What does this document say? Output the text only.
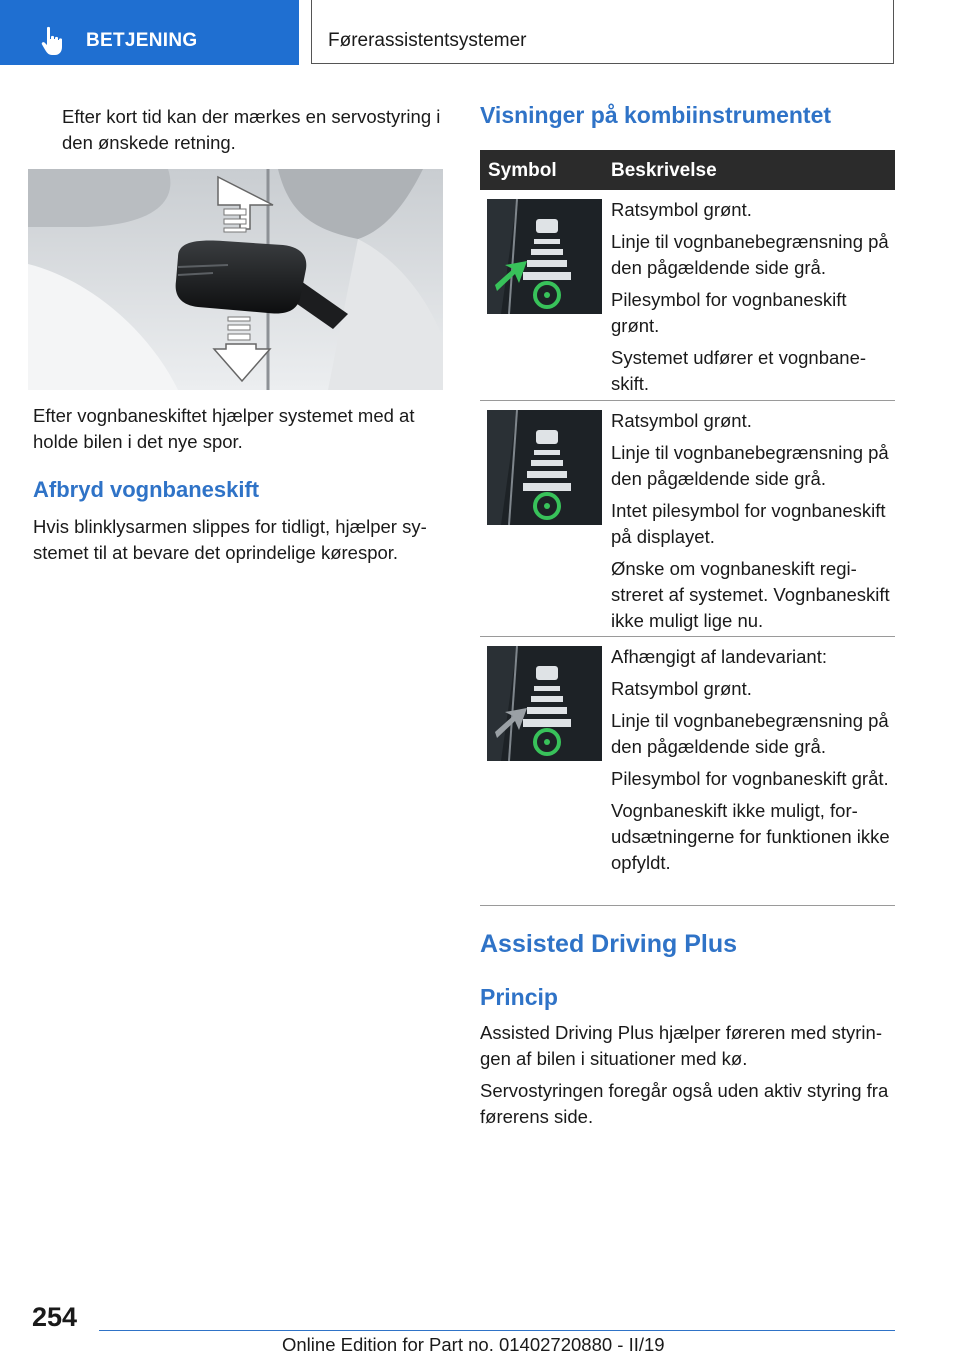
BETJENING	Førerassistentsystemer

Efter kort tid kan der mærkes en servostyring i den ønskede retning.

Efter vognbaneskiftet hjælper systemet med at holde bilen i det nye spor.

Afbryd vognbaneskift

Hvis blinklysarmen slippes for tidligt, hjælper systemet til at bevare det oprindelige kørespor.

Visninger på kombiinstrumentet
Symbol	Beskrivelse

Ratsymbol grønt.

Linje til vognbanebegrænsning på den pågældende side grå.

Pilesymbol for vognbaneskift grønt.

Systemet udfører et vognbaneskift.

Ratsymbol grønt.

Linje til vognbanebegrænsning på den pågældende side grå.

Intet pilesymbol for vognbaneskift på displayet.

Ønske om vognbaneskift registreret af systemet. Vognbaneskift ikke muligt lige nu.

Afhængigt af landevariant:

Ratsymbol grønt.

Linje til vognbanebegrænsning på den pågældende side grå.

Pilesymbol for vognbaneskift gråt.

Vognbaneskift ikke muligt, forudsætningerne for funktionen ikke opfyldt.

Assisted Driving Plus
Princip

Assisted Driving Plus hjælper føreren med styringen af bilen i situationer med kø.

Servostyringen foregår også uden aktiv styring fra førerens side.

254
Online Edition for Part no. 01402720880 - II/19
